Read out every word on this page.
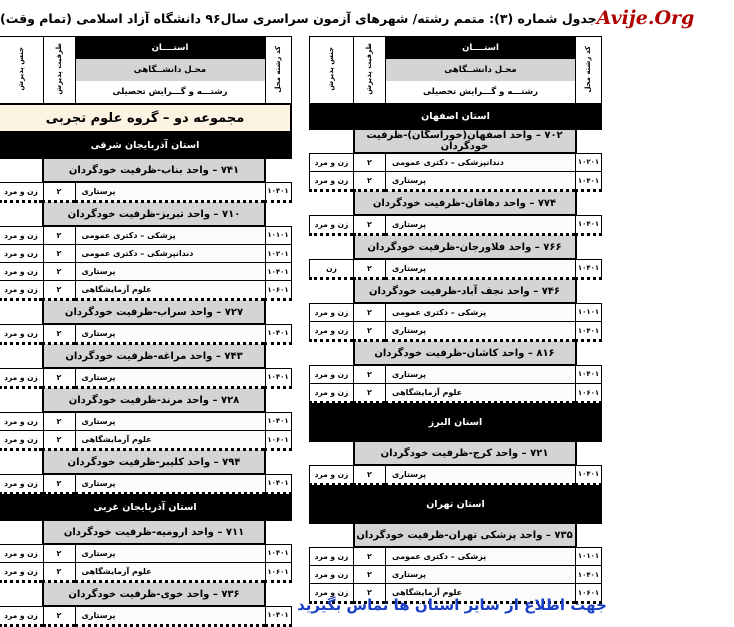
جدول شماره (۳): متمم رشته/ شهرهای آزمون سراسری سال۹۶ دانشگاه آزاد اسلامی (تمام وقت) Avije.Org
کد رشته محل	استــــان
محـل دانشــگاهی
رشتـــه و گـــرایش تحصیلی	ظرفیت پذیرش	جنس پذیرش
مجموعه دو – گروه علوم تجربی			
استان آذربایجان شرقی			
	۷۴۱ – واحد بناب-ظرفیت خودگردان		
۱۰۴۰۱	پرستاری	۲	زن و مرد
	۷۱۰ – واحد تبریز-ظرفیت خودگردان		
۱۰۱۰۱	پزشکی – دکتری عمومی	۲	زن و مرد
۱۰۲۰۱	دندانپزشکی – دکتری عمومی	۲	زن و مرد
۱۰۴۰۱	پرستاری	۲	زن و مرد
۱۰۶۰۱	علوم آزمایشگاهی	۲	زن و مرد
	۷۲۷ – واحد سراب-ظرفیت خودگردان		
۱۰۴۰۱	پرستاری	۲	زن و مرد
	۷۴۳ – واحد مراغه-ظرفیت خودگردان		
۱۰۴۰۱	پرستاری	۲	زن و مرد
	۷۲۸ – واحد مرند-ظرفیت خودگردان		
۱۰۴۰۱	پرستاری	۲	زن و مرد
۱۰۶۰۱	علوم آزمایشگاهی	۲	زن و مرد
	۷۹۴ – واحد کلیبر-ظرفیت خودگردان		
۱۰۴۰۱	پرستاری	۲	زن و مرد
استان آذربایجان غربی			
	۷۱۱ – واحد ارومیه-ظرفیت خودگردان		
۱۰۴۰۱	پرستاری	۲	زن و مرد
۱۰۶۰۱	علوم آزمایشگاهی	۲	زن و مرد
	۷۳۶ – واحد خوی-ظرفیت خودگردان		
۱۰۴۰۱	پرستاری	۲	زن و مرد
کد رشته محل	استــــان
محـل دانشــگاهی
رشتـــه و گـــرایش تحصیلی	ظرفیت پذیرش	جنس پذیرش
استان اصفهان			
	۷۰۲ – واحد اصفهان(خوراسگان)-ظرفیت خودگردان		
۱۰۲۰۱	دندانپزشکی – دکتری عمومی	۲	زن و مرد
۱۰۴۰۱	پرستاری	۲	زن و مرد
	۷۷۴ – واحد دهاقان-ظرفیت خودگردان		
۱۰۴۰۱	پرستاری	۲	زن و مرد
	۷۶۶ – واحد فلاورجان-ظرفیت خودگردان		
۱۰۴۰۱	پرستاری	۲	زن
	۷۴۶ – واحد نجف آباد-ظرفیت خودگردان		
۱۰۱۰۱	پزشکی – دکتری عمومی	۲	زن و مرد
۱۰۴۰۱	پرستاری	۲	زن و مرد
	۸۱۶ – واحد کاشان-ظرفیت خودگردان		
۱۰۴۰۱	پرستاری	۲	زن و مرد
۱۰۶۰۱	علوم آزمایشگاهی	۲	زن و مرد
استان البرز			
	۷۲۱ – واحد کرج-ظرفیت خودگردان		
۱۰۴۰۱	پرستاری	۲	زن و مرد
استان تهران			
	۷۳۵ – واحد پزشکی تهران-ظرفیت خودگردان		
۱۰۱۰۱	پزشکی – دکتری عمومی	۲	زن و مرد
۱۰۴۰۱	پرستاری	۲	زن و مرد
۱۰۶۰۱	علوم آزمایشگاهی	۲	زن و مرد
جهت اطلاع از سایر استان ها تماس بگیرید
